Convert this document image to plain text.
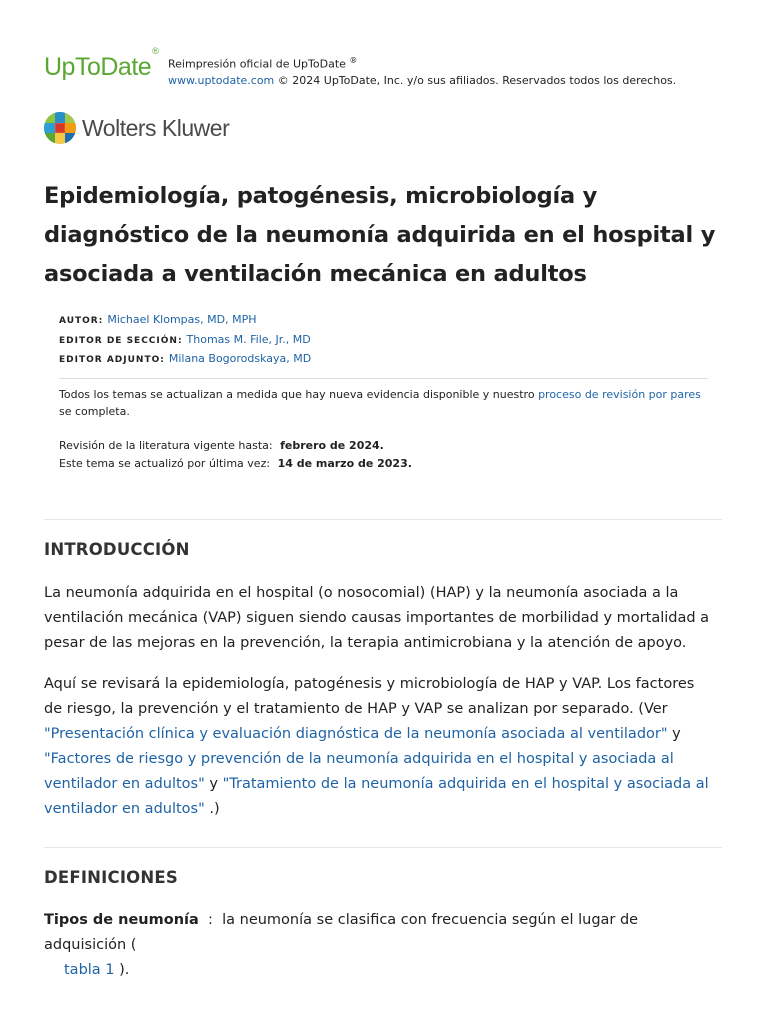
UpToDate®
Reimpresión oficial de UpToDate ®
www.uptodate.com © 2024 UpToDate, Inc. y/o sus afiliados. Reservados todos los derechos.
Wolters Kluwer
Epidemiología, patogénesis, microbiología y diagnóstico de la neumonía adquirida en el hospital y asociada a ventilación mecánica en adultos
AUTOR: Michael Klompas, MD, MPH
EDITOR DE SECCIÓN: Thomas M. File, Jr., MD
EDITOR ADJUNTO: Milana Bogorodskaya, MD
Todos los temas se actualizan a medida que hay nueva evidencia disponible y nuestro proceso de revisión por pares se completa.
Revisión de la literatura vigente hasta: febrero de 2024.
Este tema se actualizó por última vez: 14 de marzo de 2023.
INTRODUCCIÓN

La neumonía adquirida en el hospital (o nosocomial) (HAP) y la neumonía asociada a la ventilación mecánica (VAP) siguen siendo causas importantes de morbilidad y mortalidad a pesar de las mejoras en la prevención, la terapia antimicrobiana y la atención de apoyo.

Aquí se revisará la epidemiología, patogénesis y microbiología de HAP y VAP. Los factores de riesgo, la prevención y el tratamiento de HAP y VAP se analizan por separado. (Ver "Presentación clínica y evaluación diagnóstica de la neumonía asociada al ventilador" y "Factores de riesgo y prevención de la neumonía adquirida en el hospital y asociada al ventilador en adultos" y "Tratamiento de la neumonía adquirida en el hospital y asociada al ventilador en adultos" .)

DEFINICIONES

Tipos de neumonía  :  la neumonía se clasifica con frecuencia según el lugar de adquisición (
tabla 1 ).
